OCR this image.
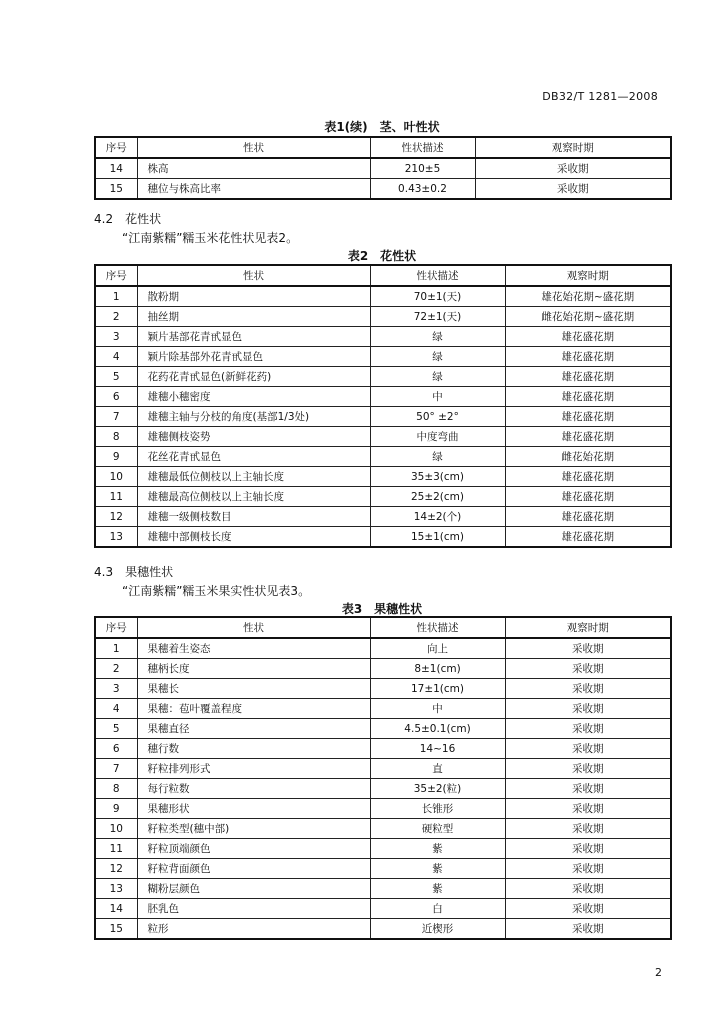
DB32/T 1281—2008
表1(续)　茎、叶性状
序号	性状	性状描述	观察时期
14	株高	210±5	采收期
15	穗位与株高比率	0.43±0.2	采收期
4.2　花性状
“江南紫糯”糯玉米花性状见表2。
表2　花性状
序号	性状	性状描述	观察时期
1	散粉期	70±1(天)	雄花始花期~盛花期
2	抽丝期	72±1(天)	雌花始花期~盛花期
3	颖片基部花青甙显色	绿	雄花盛花期
4	颖片除基部外花青甙显色	绿	雄花盛花期
5	花药花青甙显色(新鲜花药)	绿	雄花盛花期
6	雄穗小穗密度	中	雄花盛花期
7	雄穗主轴与分枝的角度(基部1/3处)	50° ±2°	雄花盛花期
8	雄穗侧枝姿势	中度弯曲	雄花盛花期
9	花丝花青甙显色	绿	雌花始花期
10	雄穗最低位侧枝以上主轴长度	35±3(cm)	雄花盛花期
11	雄穗最高位侧枝以上主轴长度	25±2(cm)	雄花盛花期
12	雄穗一级侧枝数目	14±2(个)	雄花盛花期
13	雄穗中部侧枝长度	15±1(cm)	雄花盛花期
4.3　果穗性状
“江南紫糯”糯玉米果实性状见表3。
表3　果穗性状
序号	性状	性状描述	观察时期
1	果穗着生姿态	向上	采收期
2	穗柄长度	8±1(cm)	采收期
3	果穗长	17±1(cm)	采收期
4	果穗：苞叶覆盖程度	中	采收期
5	果穗直径	4.5±0.1(cm)	采收期
6	穗行数	14~16	采收期
7	籽粒排列形式	直	采收期
8	每行粒数	35±2(粒)	采收期
9	果穗形状	长锥形	采收期
10	籽粒类型(穗中部)	硬粒型	采收期
11	籽粒顶端颜色	紫	采收期
12	籽粒背面颜色	紫	采收期
13	糊粉层颜色	紫	采收期
14	胚乳色	白	采收期
15	粒形	近楔形	采收期
2
